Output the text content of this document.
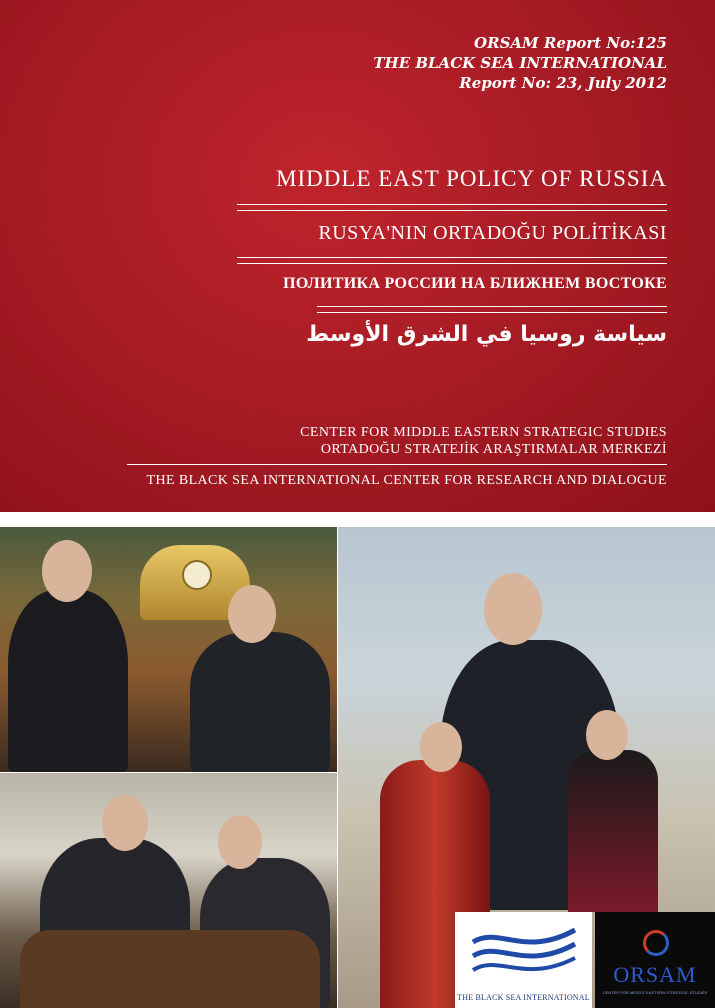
ORSAM Report No:125
THE BLACK SEA INTERNATIONAL
Report No: 23, July 2012
MIDDLE EAST POLICY OF RUSSIA
RUSYA'NIN ORTADOĞU POLİTİKASI
ПОЛИТИКА РОССИИ НА БЛИЖНЕМ ВОСТОКЕ
سياسة روسيا في الشرق الأوسط
CENTER FOR MIDDLE EASTERN STRATEGIC STUDIES
ORTADOĞU STRATEJİK ARAŞTIRMALAR MERKEZİ
THE BLACK SEA INTERNATIONAL CENTER FOR RESEARCH AND DIALOGUE
THE BLACK SEA INTERNATIONAL
ORSAM
CENTER FOR MIDDLE EASTERN STRATEGIC STUDIES
